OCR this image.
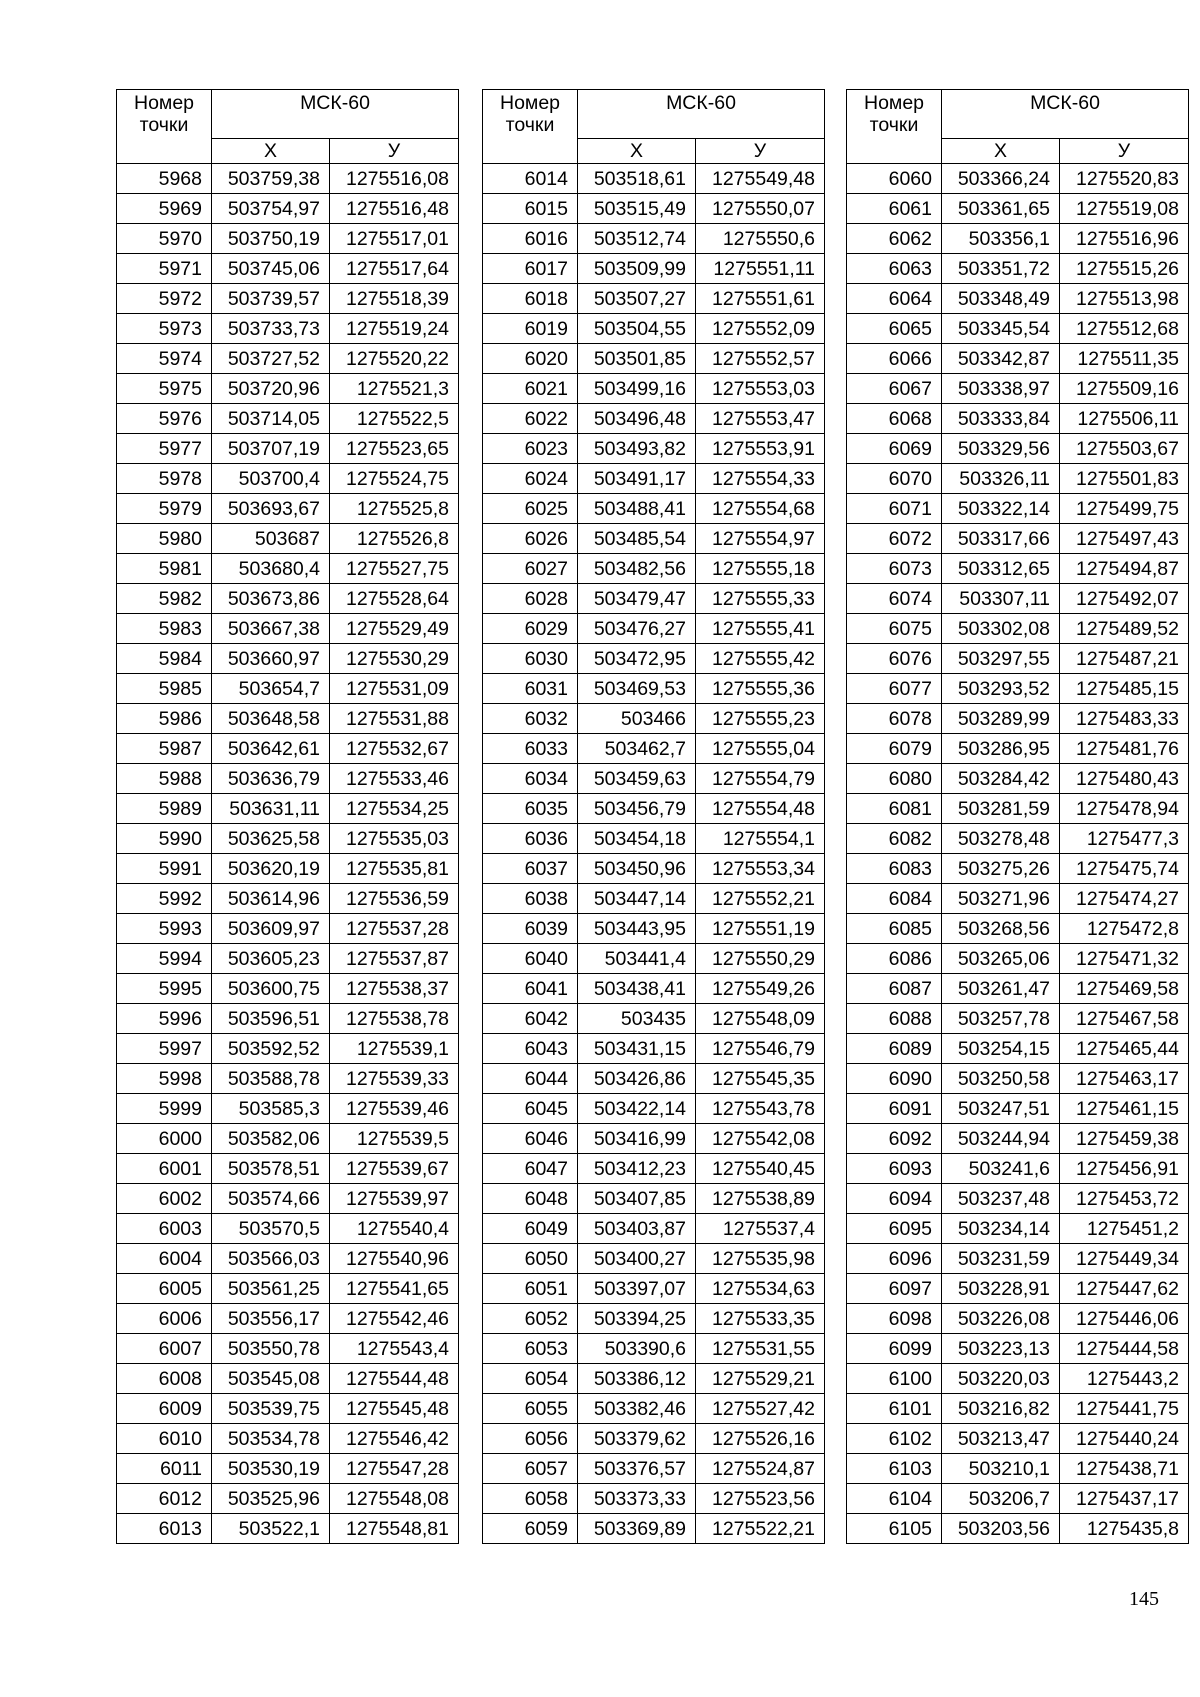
Номер
точки	МСК-60	
	X	У
5968	503759,38	1275516,08
5969	503754,97	1275516,48
5970	503750,19	1275517,01
5971	503745,06	1275517,64
5972	503739,57	1275518,39
5973	503733,73	1275519,24
5974	503727,52	1275520,22
5975	503720,96	1275521,3
5976	503714,05	1275522,5
5977	503707,19	1275523,65
5978	503700,4	1275524,75
5979	503693,67	1275525,8
5980	503687	1275526,8
5981	503680,4	1275527,75
5982	503673,86	1275528,64
5983	503667,38	1275529,49
5984	503660,97	1275530,29
5985	503654,7	1275531,09
5986	503648,58	1275531,88
5987	503642,61	1275532,67
5988	503636,79	1275533,46
5989	503631,11	1275534,25
5990	503625,58	1275535,03
5991	503620,19	1275535,81
5992	503614,96	1275536,59
5993	503609,97	1275537,28
5994	503605,23	1275537,87
5995	503600,75	1275538,37
5996	503596,51	1275538,78
5997	503592,52	1275539,1
5998	503588,78	1275539,33
5999	503585,3	1275539,46
6000	503582,06	1275539,5
6001	503578,51	1275539,67
6002	503574,66	1275539,97
6003	503570,5	1275540,4
6004	503566,03	1275540,96
6005	503561,25	1275541,65
6006	503556,17	1275542,46
6007	503550,78	1275543,4
6008	503545,08	1275544,48
6009	503539,75	1275545,48
6010	503534,78	1275546,42
6011	503530,19	1275547,28
6012	503525,96	1275548,08
6013	503522,1	1275548,81
Номер
точки	МСК-60	
	X	У
6014	503518,61	1275549,48
6015	503515,49	1275550,07
6016	503512,74	1275550,6
6017	503509,99	1275551,11
6018	503507,27	1275551,61
6019	503504,55	1275552,09
6020	503501,85	1275552,57
6021	503499,16	1275553,03
6022	503496,48	1275553,47
6023	503493,82	1275553,91
6024	503491,17	1275554,33
6025	503488,41	1275554,68
6026	503485,54	1275554,97
6027	503482,56	1275555,18
6028	503479,47	1275555,33
6029	503476,27	1275555,41
6030	503472,95	1275555,42
6031	503469,53	1275555,36
6032	503466	1275555,23
6033	503462,7	1275555,04
6034	503459,63	1275554,79
6035	503456,79	1275554,48
6036	503454,18	1275554,1
6037	503450,96	1275553,34
6038	503447,14	1275552,21
6039	503443,95	1275551,19
6040	503441,4	1275550,29
6041	503438,41	1275549,26
6042	503435	1275548,09
6043	503431,15	1275546,79
6044	503426,86	1275545,35
6045	503422,14	1275543,78
6046	503416,99	1275542,08
6047	503412,23	1275540,45
6048	503407,85	1275538,89
6049	503403,87	1275537,4
6050	503400,27	1275535,98
6051	503397,07	1275534,63
6052	503394,25	1275533,35
6053	503390,6	1275531,55
6054	503386,12	1275529,21
6055	503382,46	1275527,42
6056	503379,62	1275526,16
6057	503376,57	1275524,87
6058	503373,33	1275523,56
6059	503369,89	1275522,21
Номер
точки	МСК-60	
	X	У
6060	503366,24	1275520,83
6061	503361,65	1275519,08
6062	503356,1	1275516,96
6063	503351,72	1275515,26
6064	503348,49	1275513,98
6065	503345,54	1275512,68
6066	503342,87	1275511,35
6067	503338,97	1275509,16
6068	503333,84	1275506,11
6069	503329,56	1275503,67
6070	503326,11	1275501,83
6071	503322,14	1275499,75
6072	503317,66	1275497,43
6073	503312,65	1275494,87
6074	503307,11	1275492,07
6075	503302,08	1275489,52
6076	503297,55	1275487,21
6077	503293,52	1275485,15
6078	503289,99	1275483,33
6079	503286,95	1275481,76
6080	503284,42	1275480,43
6081	503281,59	1275478,94
6082	503278,48	1275477,3
6083	503275,26	1275475,74
6084	503271,96	1275474,27
6085	503268,56	1275472,8
6086	503265,06	1275471,32
6087	503261,47	1275469,58
6088	503257,78	1275467,58
6089	503254,15	1275465,44
6090	503250,58	1275463,17
6091	503247,51	1275461,15
6092	503244,94	1275459,38
6093	503241,6	1275456,91
6094	503237,48	1275453,72
6095	503234,14	1275451,2
6096	503231,59	1275449,34
6097	503228,91	1275447,62
6098	503226,08	1275446,06
6099	503223,13	1275444,58
6100	503220,03	1275443,2
6101	503216,82	1275441,75
6102	503213,47	1275440,24
6103	503210,1	1275438,71
6104	503206,7	1275437,17
6105	503203,56	1275435,8
145
